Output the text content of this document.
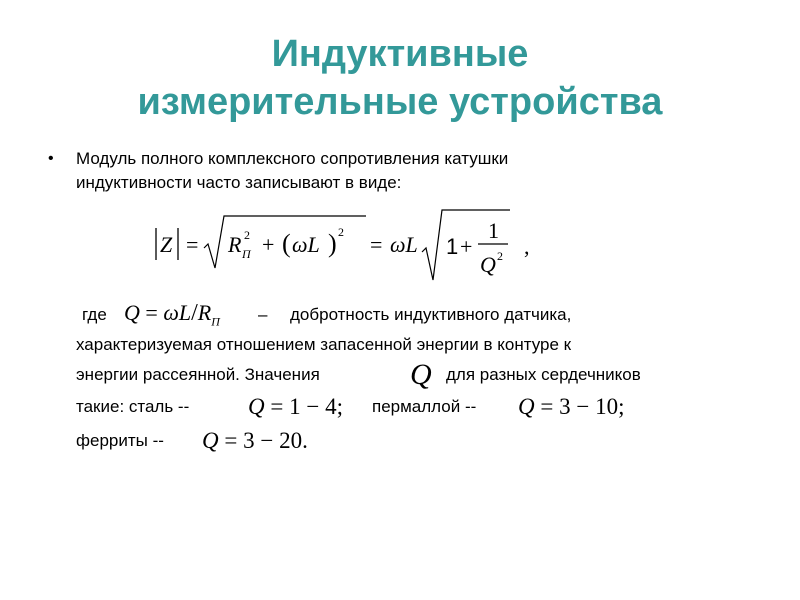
Индуктивные
измерительные устройства
• Модуль полного комплексного сопротивления катушки
индуктивности часто записывают в виде:
Z = R П
2 + ( ωL ) 2 = ωL 1 +
1
Q 2 ,
где $Q = \omega L/R_П$ – добротность индуктивного датчика,
характеризуемая отношением запасенной энергии в контуре к
энергии рассеянной. Значения	Q для разных сердечников
такие: сталь --	Q = 1 − 4; пермаллой -- Q = 3 − 10;
ферриты -- Q = 3 − 20.
